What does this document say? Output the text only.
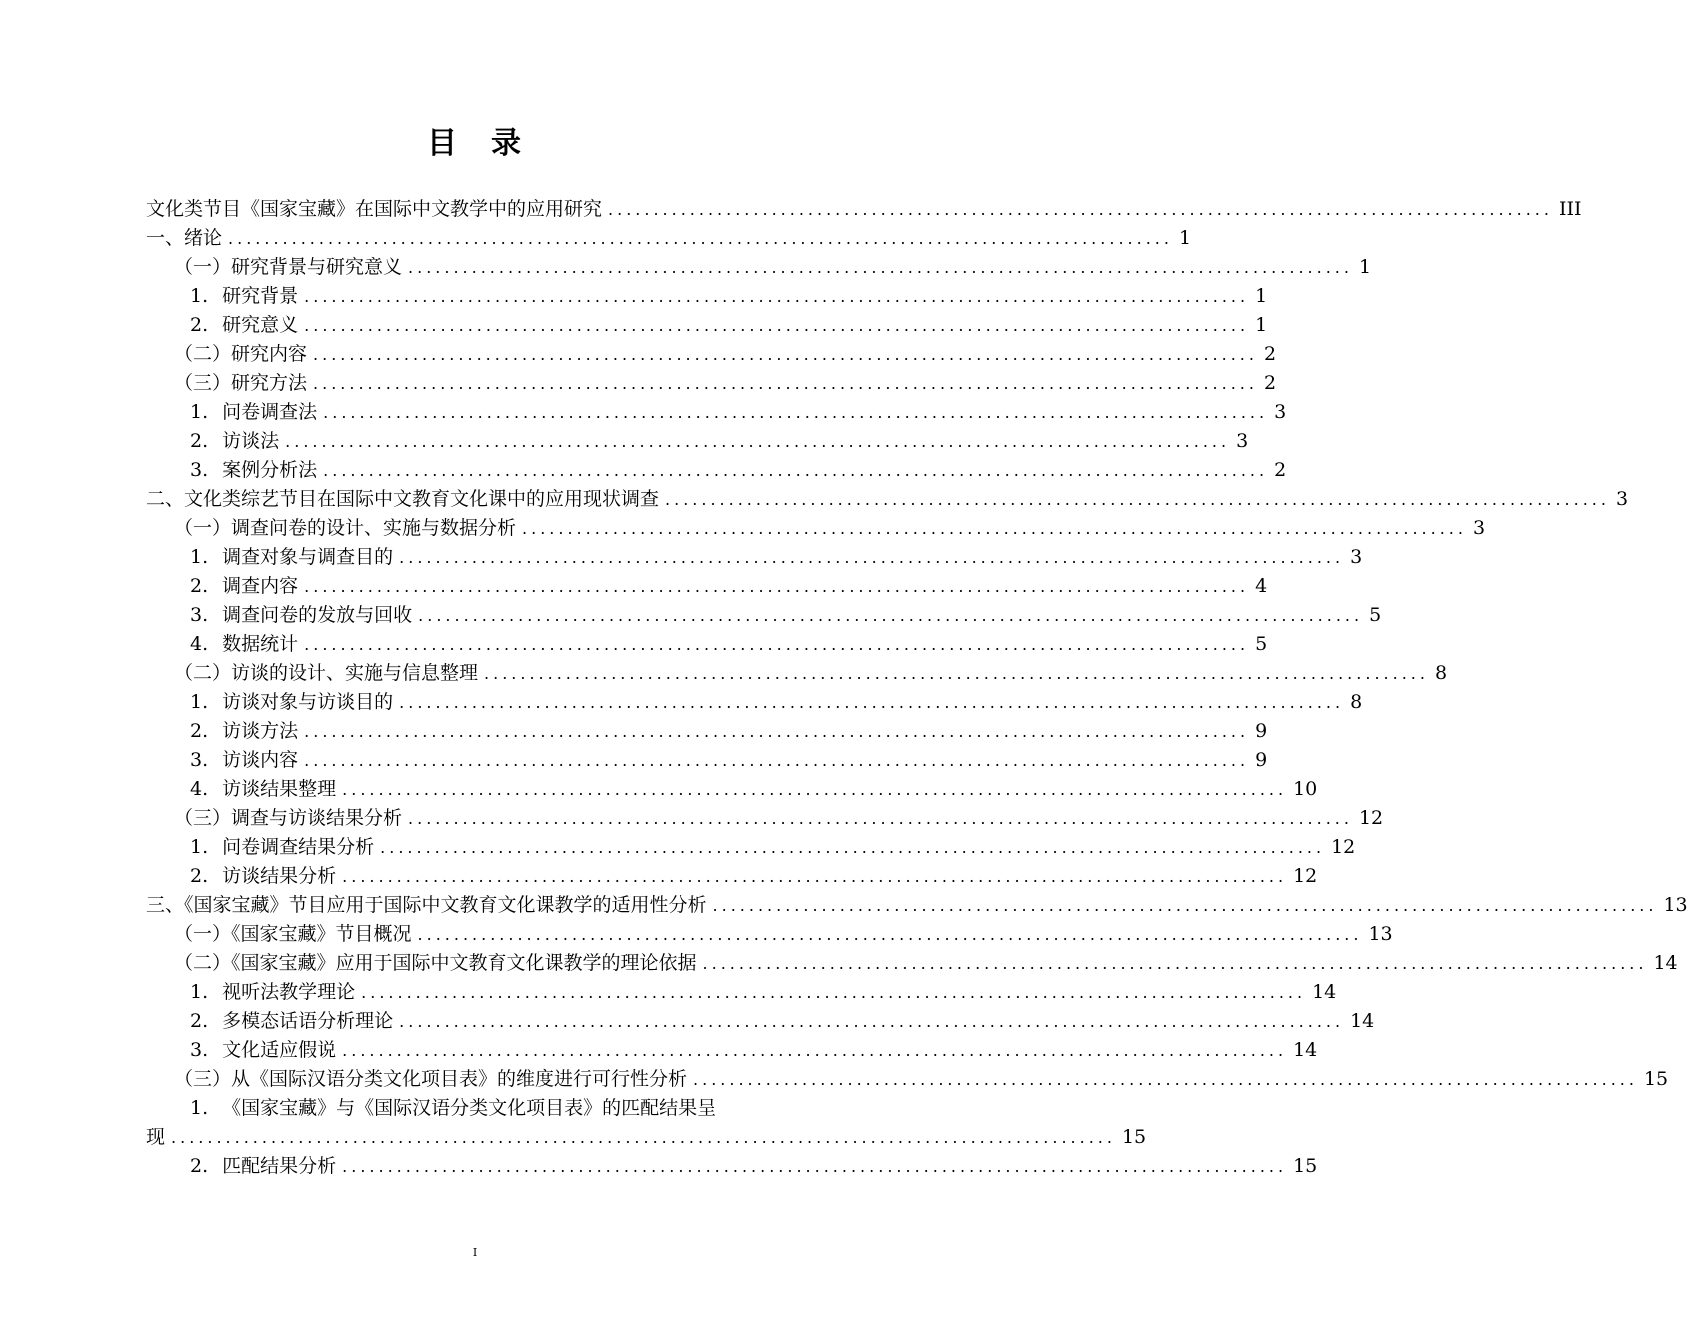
目　录
文化类节目《国家宝藏》在国际中文教学中的应用研究 ........................................................................................................ III
一、绪论 ........................................................................................................ 1
（一）研究背景与研究意义 ........................................................................................................ 1
1. 研究背景 ........................................................................................................ 1
2. 研究意义 ........................................................................................................ 1
（二）研究内容 ........................................................................................................ 2
（三）研究方法 ........................................................................................................ 2
1. 问卷调查法 ........................................................................................................ 3
2. 访谈法 ........................................................................................................ 3
3. 案例分析法 ........................................................................................................ 2
二、文化类综艺节目在国际中文教育文化课中的应用现状调查 ........................................................................................................ 3
（一）调查问卷的设计、实施与数据分析 ........................................................................................................ 3
1. 调查对象与调查目的 ........................................................................................................ 3
2. 调查内容 ........................................................................................................ 4
3. 调查问卷的发放与回收 ........................................................................................................ 5
4. 数据统计 ........................................................................................................ 5
（二）访谈的设计、实施与信息整理 ........................................................................................................ 8
1. 访谈对象与访谈目的 ........................................................................................................ 8
2. 访谈方法 ........................................................................................................ 9
3. 访谈内容 ........................................................................................................ 9
4. 访谈结果整理 ........................................................................................................ 10
（三）调查与访谈结果分析 ........................................................................................................ 12
1. 问卷调查结果分析 ........................................................................................................ 12
2. 访谈结果分析 ........................................................................................................ 12
三、《国家宝藏》节目应用于国际中文教育文化课教学的适用性分析 ........................................................................................................ 13
（一）《国家宝藏》节目概况 ........................................................................................................ 13
（二）《国家宝藏》应用于国际中文教育文化课教学的理论依据 ........................................................................................................ 14
1. 视听法教学理论 ........................................................................................................ 14
2. 多模态话语分析理论 ........................................................................................................ 14
3. 文化适应假说 ........................................................................................................ 14
（三）从《国际汉语分类文化项目表》的维度进行可行性分析 ........................................................................................................ 15
1. 《国家宝藏》与《国际汉语分类文化项目表》的匹配结果呈
现 ........................................................................................................ 15
2. 匹配结果分析 ........................................................................................................ 15
I
